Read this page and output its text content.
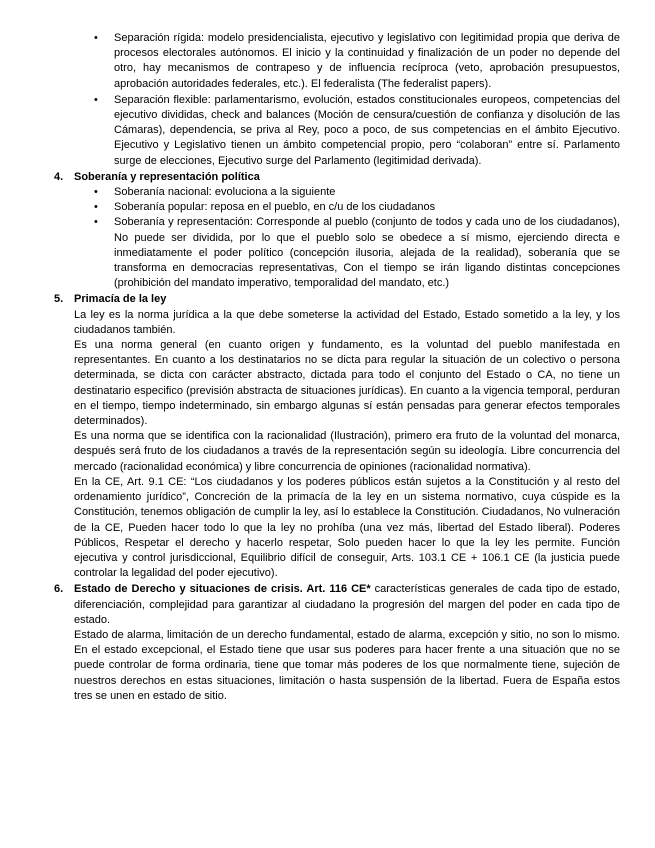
• Separación rígida: modelo presidencialista, ejecutivo y legislativo con legitimidad propia que deriva de procesos electorales autónomos. El inicio y la continuidad y finalización de un poder no depende del otro, hay mecanismos de contrapeso y de influencia recíproca (veto, aprobación presupuestos, aprobación autoridades federales, etc.). El federalista (The federalist papers).
• Separación flexible: parlamentarismo, evolución, estados constitucionales europeos, competencias del ejecutivo divididas, check and balances (Moción de censura/cuestión de confianza y disolución de las Cámaras), dependencia, se priva al Rey, poco a poco, de sus competencias en el ámbito Ejecutivo. Ejecutivo y Legislativo tienen un ámbito competencial propio, pero “colaboran” entre sí. Parlamento surge de elecciones, Ejecutivo surge del Parlamento (legitimidad derivada).
4. Soberanía y representación política
• Soberanía nacional: evoluciona a la siguiente
• Soberanía popular: reposa en el pueblo, en c/u de los ciudadanos
• Soberanía y representación: Corresponde al pueblo (conjunto de todos y cada uno de los ciudadanos), No puede ser dividida, por lo que el pueblo solo se obedece a sí mismo, ejerciendo directa e inmediatamente el poder político (concepción ilusoria, alejada de la realidad), soberanía que se transforma en democracias representativas, Con el tiempo se irán ligando distintas concepciones (prohibición del mandato imperativo, temporalidad del mandato, etc.)
5. Primacía de la ley

La ley es la norma jurídica a la que debe someterse la actividad del Estado, Estado sometido a la ley, y los ciudadanos también.

Es una norma general (en cuanto origen y fundamento, es la voluntad del pueblo manifestada en representantes. En cuanto a los destinatarios no se dicta para regular la situación de un colectivo o persona determinada, se dicta con carácter abstracto, dictada para todo el conjunto del Estado o CA, no tiene un destinatario especifico (previsión abstracta de situaciones jurídicas). En cuanto a la vigencia temporal, perduran en el tiempo, tiempo indeterminado, sin embargo algunas sí están pensadas para generar efectos temporales determinados).

Es una norma que se identifica con la racionalidad (Ilustración), primero era fruto de la voluntad del monarca, después será fruto de los ciudadanos a través de la representación según su ideología. Libre concurrencia del mercado (racionalidad económica) y libre concurrencia de opiniones (racionalidad normativa).

En la CE, Art. 9.1 CE: “Los ciudadanos y los poderes públicos están sujetos a la Constitución y al resto del ordenamiento jurídico”, Concreción de la primacía de la ley en un sistema normativo, cuya cúspide es la Constitución, tenemos obligación de cumplir la ley, así lo establece la Constitución. Ciudadanos, No vulneración de la CE, Pueden hacer todo lo que la ley no prohíba (una vez más, libertad del Estado liberal). Poderes Públicos, Respetar el derecho y hacerlo respetar, Solo pueden hacer lo que la ley les permite. Función ejecutiva y control jurisdiccional, Equilibrio difícil de conseguir, Arts. 103.1 CE + 106.1 CE (la justicia puede controlar la legalidad del poder ejecutivo).

6. Estado de Derecho y situaciones de crisis. Art. 116 CE* características generales de cada tipo de estado, diferenciación, complejidad para garantizar al ciudadano la progresión del margen del poder en cada tipo de estado.

Estado de alarma, limitación de un derecho fundamental, estado de alarma, excepción y sitio, no son lo mismo. En el estado excepcional, el Estado tiene que usar sus poderes para hacer frente a una situación que no se puede controlar de forma ordinaria, tiene que tomar más poderes de los que normalmente tiene, sujeción de nuestros derechos en estas situaciones, limitación o hasta suspensión de la libertad. Fuera de España estos tres se unen en estado de sitio.
